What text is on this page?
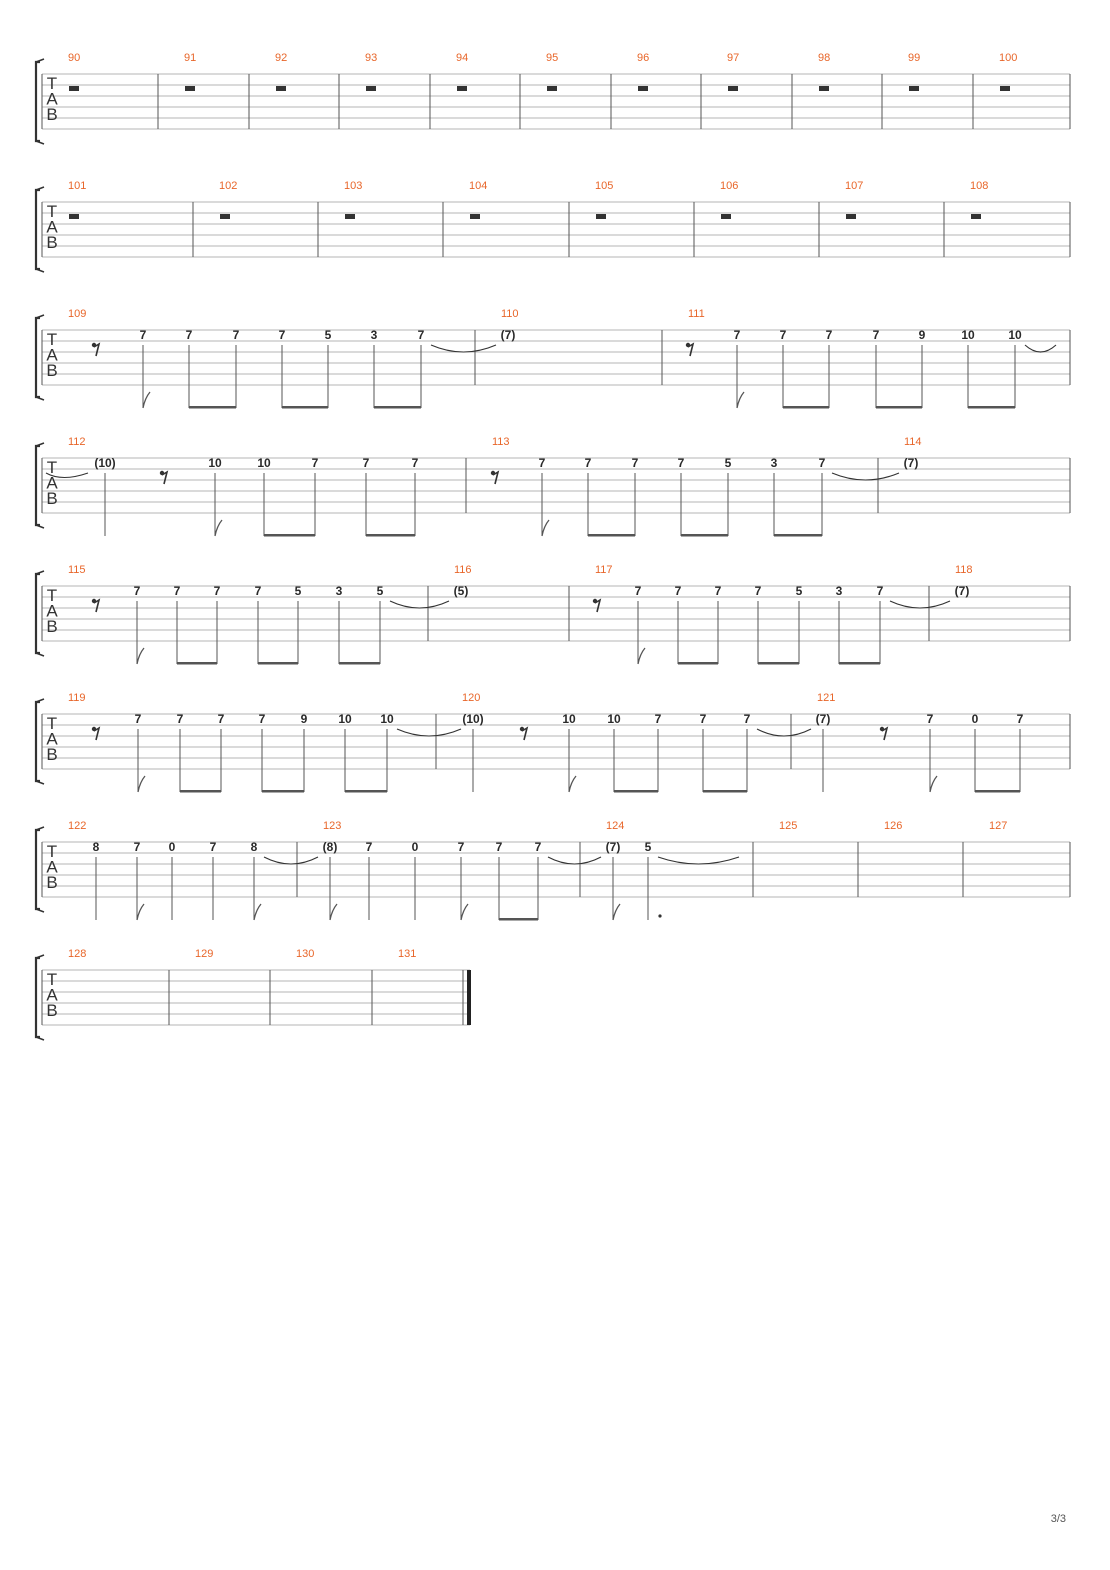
T
A
B
90	91	92	93	94	95	96	97	98	99	100
T
A
B
101	102	103	104	105	106	107	108
T
A
B
109
7	7	7	7	5	3	7
110
(7)
111
7	7	7	7	9	10	10
T
A
B
112
(10)	10	10	7	7	7
113
7	7	7	7	5	3	7
114
(7)
T
A
B
115
7	7	7	7	5	3	5
116
(5)
117
7	7	7	7	5	3	7
118
(7)
T
A
B
119
7	7	7	7	9	10 10
120
(10)	10	10	7	7	7
121
(7)	7	0	7
T
A
B
122
8	7 0	7	8
123
(8) 7	0	7	7	7
124
(7) 5
125	126	127
T
A
B
128	129	130	131
3/3
